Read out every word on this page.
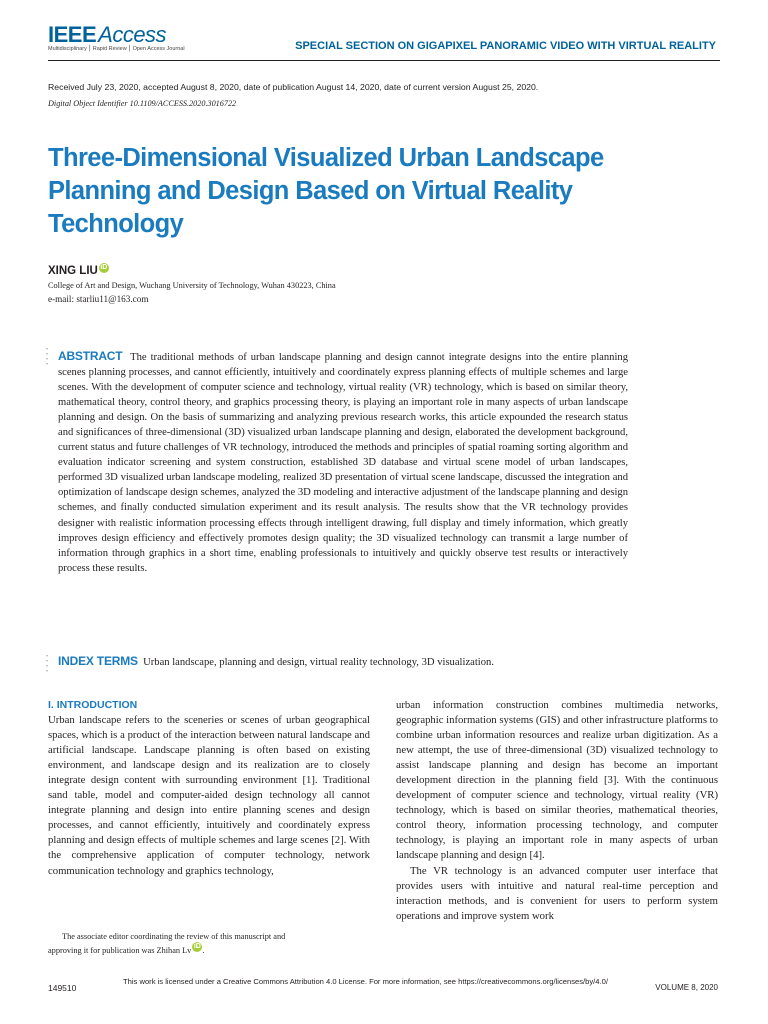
IEEEAccess
Multidisciplinary ⎮ Rapid Review ⎮ Open Access Journal	SPECIAL SECTION ON GIGAPIXEL PANORAMIC VIDEO WITH VIRTUAL REALITY
Received July 23, 2020, accepted August 8, 2020, date of publication August 14, 2020, date of current version August 25, 2020.
Digital Object Identifier 10.1109/ACCESS.2020.3016722
Three-Dimensional Visualized Urban Landscape Planning and Design Based on Virtual Reality Technology
XING LIU iD
College of Art and Design, Wuchang University of Technology, Wuhan 430223, China
e-mail: starliu11@163.com
•
•
•
•
ABSTRACT The traditional methods of urban landscape planning and design cannot integrate designs into the entire planning scenes planning processes, and cannot efficiently, intuitively and coordinately express planning effects of multiple schemes and large scenes. With the development of computer science and technology, virtual reality (VR) technology, which is based on similar theory, mathematical theory, control theory, and graphics processing theory, is playing an important role in many aspects of urban landscape planning and design. On the basis of summarizing and analyzing previous research works, this article expounded the research status and significances of three-dimensional (3D) visualized urban landscape planning and design, elaborated the development background, current status and future challenges of VR technology, introduced the methods and principles of spatial roaming sorting algorithm and evaluation indicator screening and system construction, established 3D database and virtual scene model of urban landscapes, performed 3D visualized urban landscape modeling, realized 3D presentation of virtual scene landscape, discussed the integration and optimization of landscape design schemes, analyzed the 3D modeling and interactive adjustment of the landscape planning and design schemes, and finally conducted simulation experiment and its result analysis. The results show that the VR technology provides designer with realistic information processing effects through intelligent drawing, full display and timely information, which greatly improves design efficiency and effectively promotes design quality; the 3D visualized technology can transmit a large number of information through graphics in a short time, enabling professionals to intuitively and quickly observe test results or interactively process these results.
•
•
•
•
INDEX TERMS Urban landscape, planning and design, virtual reality technology, 3D visualization.
I. INTRODUCTION

Urban landscape refers to the sceneries or scenes of urban geographical spaces, which is a product of the interaction between natural landscape and artificial landscape. Landscape planning is often based on existing environment, and landscape design and its realization are to closely integrate design content with surrounding environment [1]. Traditional sand table, model and computer-aided design technology all cannot integrate planning and design into entire planning scenes and design processes, and cannot efficiently, intuitively and coordinately express planning and design effects of multiple schemes and large scenes [2]. With the comprehensive application of computer technology, network communication technology and graphics technology,

urban information construction combines multimedia networks, geographic information systems (GIS) and other infrastructure platforms to combine urban information resources and realize urban digitization. As a new attempt, the use of three-dimensional (3D) visualized technology to assist landscape planning and design has become an important development direction in the planning field [3]. With the continuous development of computer science and technology, virtual reality (VR) technology, which is based on similar theories, mathematical theories, control theory, information processing technology, and computer technology, is playing an important role in many aspects of urban landscape planning and design [4].

The VR technology is an advanced computer user interface that provides users with intuitive and natural real-time perception and interaction methods, and is convenient for users to perform system operations and improve system work

The associate editor coordinating the review of this manuscript and
approving it for publication was Zhihan Lv iD .
149510
This work is licensed under a Creative Commons Attribution 4.0 License. For more information, see https://creativecommons.org/licenses/by/4.0/
VOLUME 8, 2020
